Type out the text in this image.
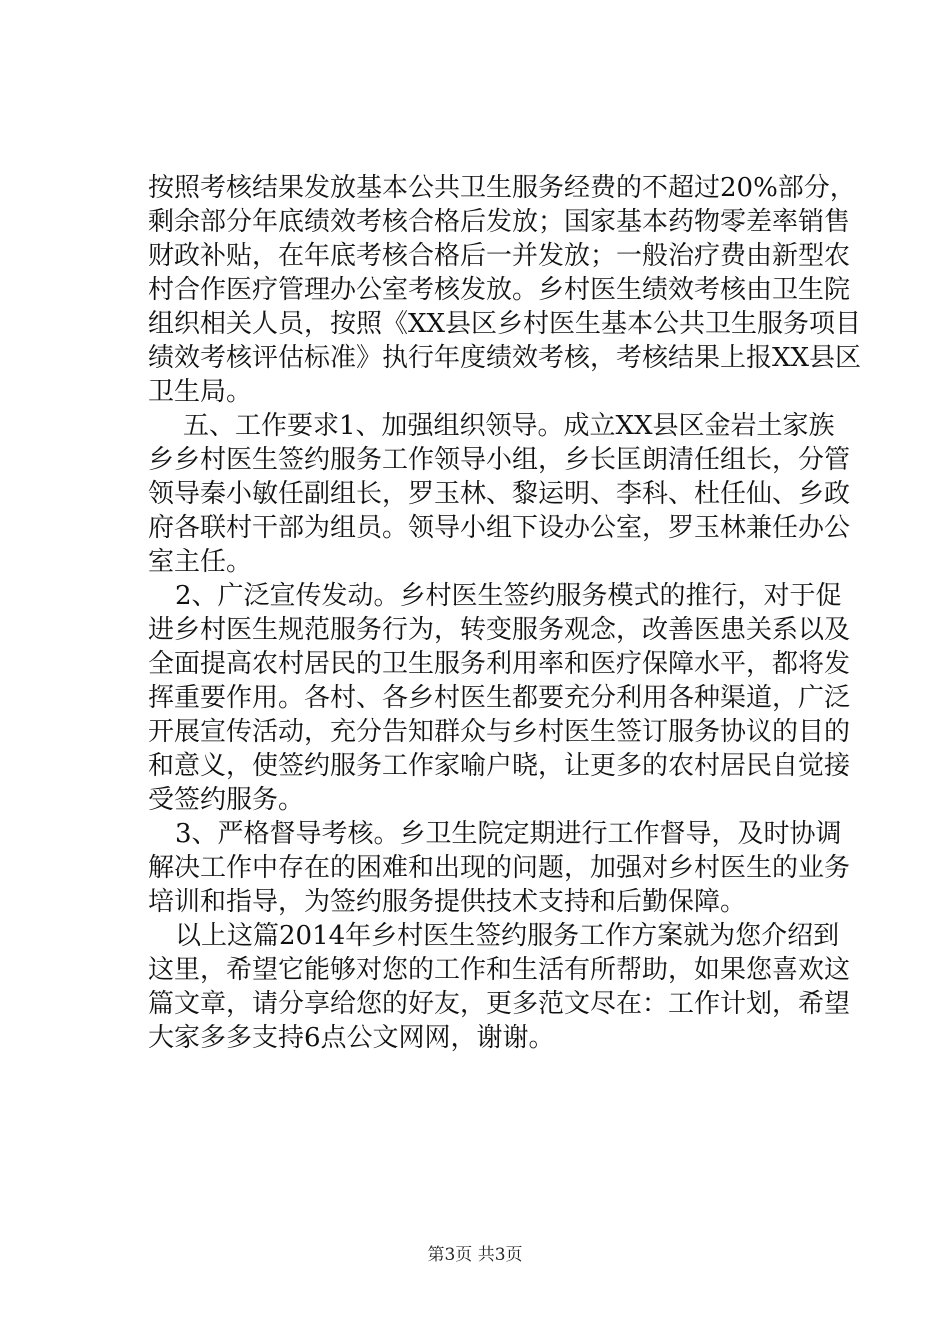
按照考核结果发放基本公共卫生服务经费的不超过20%部分，
剩余部分年底绩效考核合格后发放；国家基本药物零差率销售
财政补贴，在年底考核合格后一并发放；一般治疗费由新型农
村合作医疗管理办公室考核发放。乡村医生绩效考核由卫生院
组织相关人员，按照《XX县区乡村医生基本公共卫生服务项目
绩效考核评估标准》执行年度绩效考核，考核结果上报XX县区
卫生局。
五、工作要求1、加强组织领导。成立XX县区金岩土家族
乡乡村医生签约服务工作领导小组，乡长匡朗清任组长，分管
领导秦小敏任副组长，罗玉林、黎运明、李科、杜任仙、乡政
府各联村干部为组员。领导小组下设办公室，罗玉林兼任办公
室主任。
2、广泛宣传发动。乡村医生签约服务模式的推行，对于促
进乡村医生规范服务行为，转变服务观念，改善医患关系以及
全面提高农村居民的卫生服务利用率和医疗保障水平，都将发
挥重要作用。各村、各乡村医生都要充分利用各种渠道，广泛
开展宣传活动，充分告知群众与乡村医生签订服务协议的目的
和意义，使签约服务工作家喻户晓，让更多的农村居民自觉接
受签约服务。
3、严格督导考核。乡卫生院定期进行工作督导，及时协调
解决工作中存在的困难和出现的问题，加强对乡村医生的业务
培训和指导，为签约服务提供技术支持和后勤保障。
以上这篇2014年乡村医生签约服务工作方案就为您介绍到
这里，希望它能够对您的工作和生活有所帮助，如果您喜欢这
篇文章，请分享给您的好友，更多范文尽在：工作计划，希望
大家多多支持6点公文网网，谢谢。
第3页 共3页
